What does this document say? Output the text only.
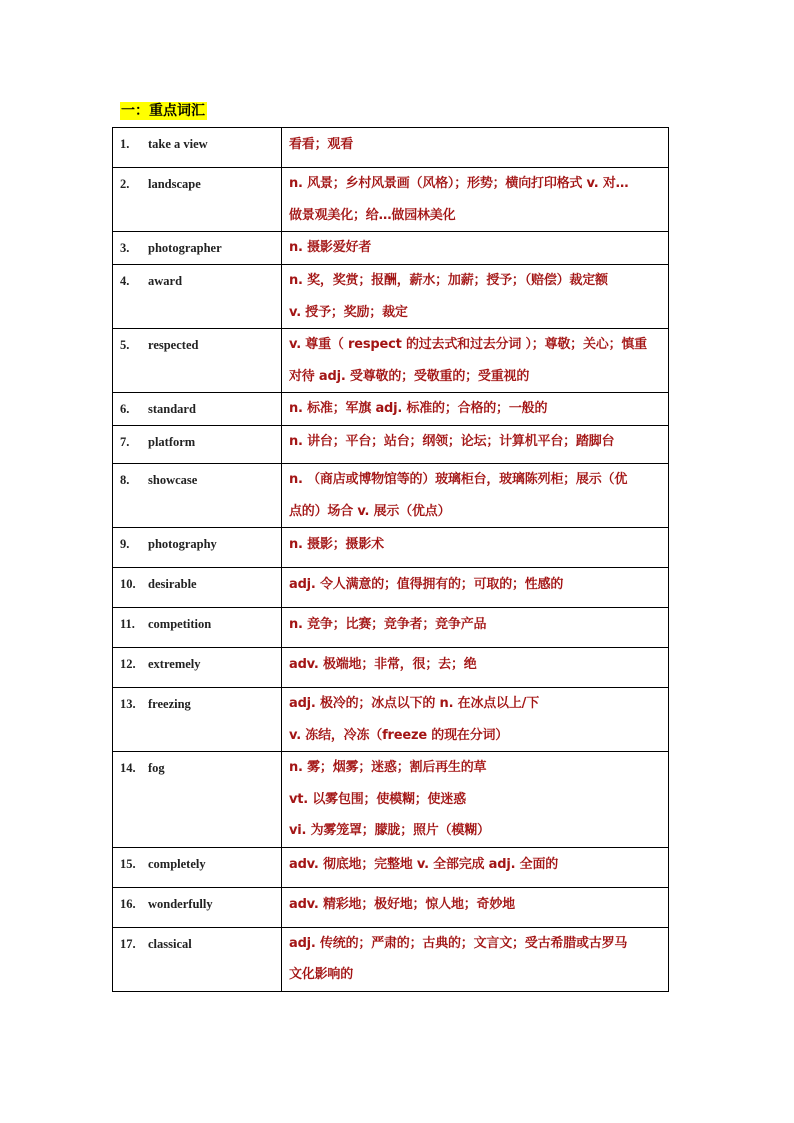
一：重点词汇
1. take a view	看看；观看

2. landscape	n. 风景；乡村风景画（风格）；形势；横向打印格式 v. 对…
做景观美化；给…做园林美化

3. photographer	n. 摄影爱好者

4. award	n. 奖，奖赏；报酬，薪水；加薪；授予；（赔偿）裁定额
v. 授予；奖励；裁定

5. respected	v. 尊重（ respect 的过去式和过去分词 ）；尊敬；关心；慎重
对待 adj. 受尊敬的；受敬重的；受重视的

6. standard	n. 标准；军旗 adj. 标准的；合格的；一般的

7. platform	n. 讲台；平台；站台；纲领；论坛；计算机平台；踏脚台

8. showcase	n. （商店或博物馆等的）玻璃柜台，玻璃陈列柜；展示（优
点的）场合 v. 展示（优点）

9. photography	n. 摄影；摄影术

10. desirable	adj. 令人满意的；值得拥有的；可取的；性感的

11. competition	n. 竞争；比赛；竞争者；竞争产品

12. extremely	adv. 极端地；非常，很；去；绝

13. freezing	adj. 极冷的；冰点以下的 n. 在冰点以上/下
v. 冻结，冷冻（freeze 的现在分词）

14. fog	n. 雾；烟雾；迷惑；割后再生的草
vt. 以雾包围；使模糊；使迷惑
vi. 为雾笼罩；朦胧；照片（模糊）

15. completely	adv. 彻底地；完整地 v. 全部完成 adj. 全面的

16. wonderfully	adv. 精彩地；极好地；惊人地；奇妙地

17. classical	adj. 传统的；严肃的；古典的；文言文；受古希腊或古罗马
文化影响的
